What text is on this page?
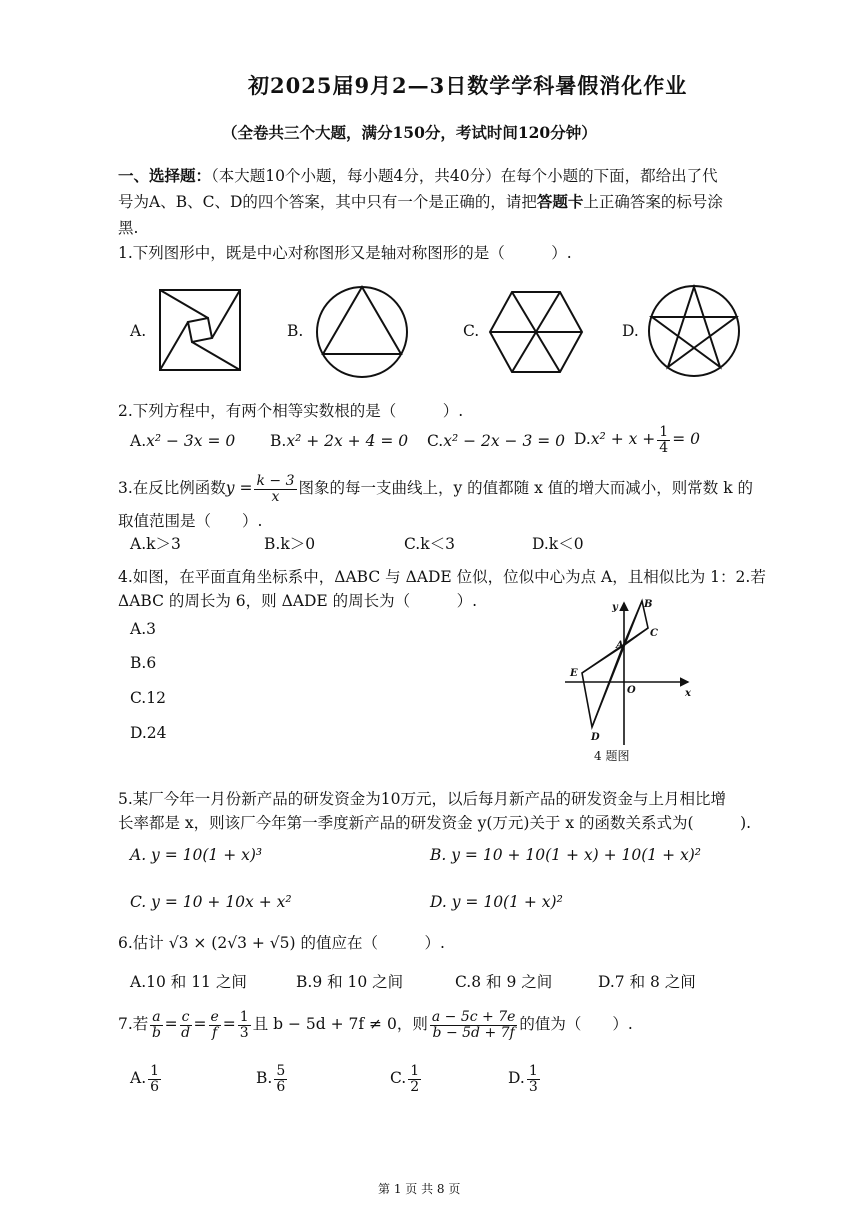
初2025届9月2—3日数学学科暑假消化作业
（全卷共三个大题，满分150分，考试时间120分钟）
一、选择题：（本大题10个小题，每小题4分，共40分）在每个小题的下面，都给出了代
号为A、B、C、D的四个答案，其中只有一个是正确的，请把答题卡上正确答案的标号涂
黑.
1.下列图形中，既是中心对称图形又是轴对称图形的是（　　　）.
A.	B.	C.	D.
2.下列方程中，有两个相等实数根的是（　　　）.
A.x² − 3x = 0 B.x² + 2x + 4 = 0 C.x² − 2x − 3 = 0 $D.x^2 + x + \frac{1}{4} = 0$
3.在反比例函数$y = \frac{k - 3}{x}$ 图象的每一支曲线上，y 的值都随 x 值的增大而减小，则常数 k 的
取值范围是（　　）.
A.k＞3	B.k＞0	C.k＜3	D.k＜0
4.如图，在平面直角坐标系中，ΔABC 与 ΔADE 位似，位似中心为点 A，且相似比为 1：2.若
ΔABC 的周长为 6，则 ΔADE 的周长为（　　　）.
A.3
B.6
C.12
D.24
y
x
O
A
B
C
D
E
4 题图
5.某厂今年一月份新产品的研发资金为10万元，以后每月新产品的研发资金与上月相比增
长率都是 x，则该厂今年第一季度新产品的研发资金 y(万元)关于 x 的函数关系式为(　　　).
A. y = 10(1 + x)³	B. y = 10 + 10(1 + x) + 10(1 + x)²
C. y = 10 + 10x + x²	D. y = 10(1 + x)²
6.估计 √3 × (2√3 + √5) 的值应在（　　　）.
A.10 和 11 之间	B.9 和 10 之间	C.8 和 9 之间	D.7 和 8 之间
7.若 $\frac{a}{b} = \frac{c}{d} = \frac{e}{f} = \frac{1}{3}$ 且 b − 5d + 7f ≠ 0，则 $\frac{a - 5c + 7e}{b - 5d + 7f}$ 的值为（　　）.
A. $\frac{1}{6}$	B. $\frac{5}{6}$	C. $\frac{1}{2}$	D. $\frac{1}{3}$
第 1 页 共 8 页
